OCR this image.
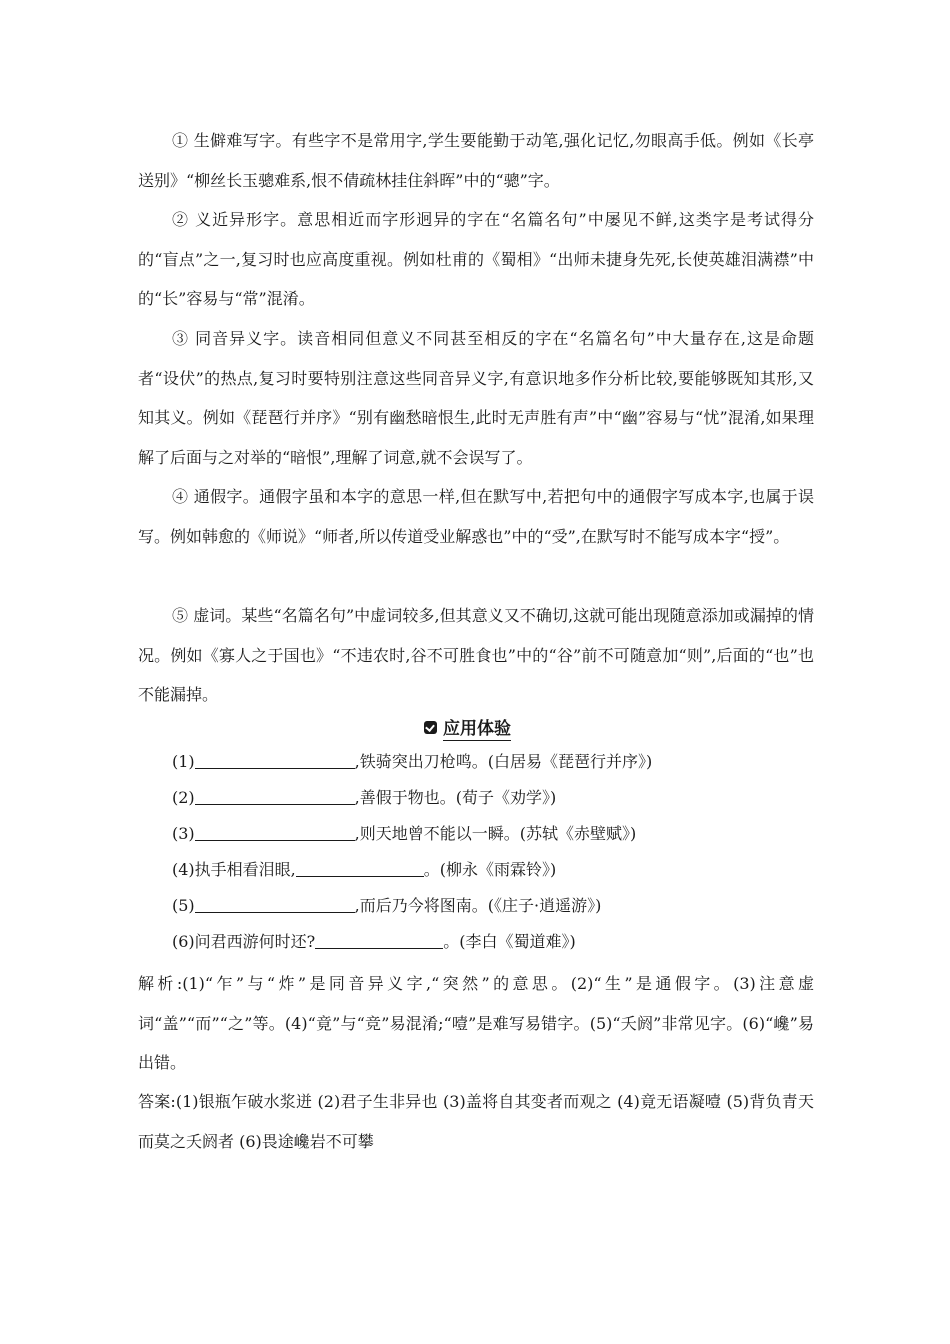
① 生僻难写字。有些字不是常用字,学生要能勤于动笔,强化记忆,勿眼高手低。例如《长亭送别》“柳丝长玉骢难系,恨不倩疏林挂住斜晖”中的“骢”字。

② 义近异形字。意思相近而字形迥异的字在“名篇名句”中屡见不鲜,这类字是考试得分的“盲点”之一,复习时也应高度重视。例如杜甫的《蜀相》“出师未捷身先死,长使英雄泪满襟”中的“长”容易与“常”混淆。

③ 同音异义字。读音相同但意义不同甚至相反的字在“名篇名句”中大量存在,这是命题者“设伏”的热点,复习时要特别注意这些同音异义字,有意识地多作分析比较,要能够既知其形,又知其义。例如《琵琶行并序》“别有幽愁暗恨生,此时无声胜有声”中“幽”容易与“忧”混淆,如果理解了后面与之对举的“暗恨”,理解了词意,就不会误写了。

④ 通假字。通假字虽和本字的意思一样,但在默写中,若把句中的通假字写成本字,也属于误写。例如韩愈的《师说》“师者,所以传道受业解惑也”中的“受”,在默写时不能写成本字“授”。

⑤ 虚词。某些“名篇名句”中虚词较多,但其意义又不确切,这就可能出现随意添加或漏掉的情况。例如《寡人之于国也》“不违农时,谷不可胜食也”中的“谷”前不可随意加“则”,后面的“也”也不能漏掉。

应用体验
(1)	,铁骑突出刀枪鸣。(白居易《琵琶行并序》)
(2)	,善假于物也。(荀子《劝学》)
(3)	,则天地曾不能以一瞬。(苏轼《赤壁赋》)
(4)执手相看泪眼,	。(柳永《雨霖铃》)
(5)	,而后乃今将图南。(《庄子·逍遥游》)
(6)问君西游何时还?	。(李白《蜀道难》)

解析:(1)“乍”与“炸”是同音异义字,“突然”的意思。(2)“生”是通假字。(3)注意虚词“盖”“而”“之”等。(4)“竟”与“竞”易混淆;“噎”是难写易错字。(5)“夭阏”非常见字。(6)“巉”易出错。

答案:(1)银瓶乍破水浆迸 (2)君子生非异也 (3)盖将自其变者而观之 (4)竟无语凝噎 (5)背负青天而莫之夭阏者 (6)畏途巉岩不可攀
